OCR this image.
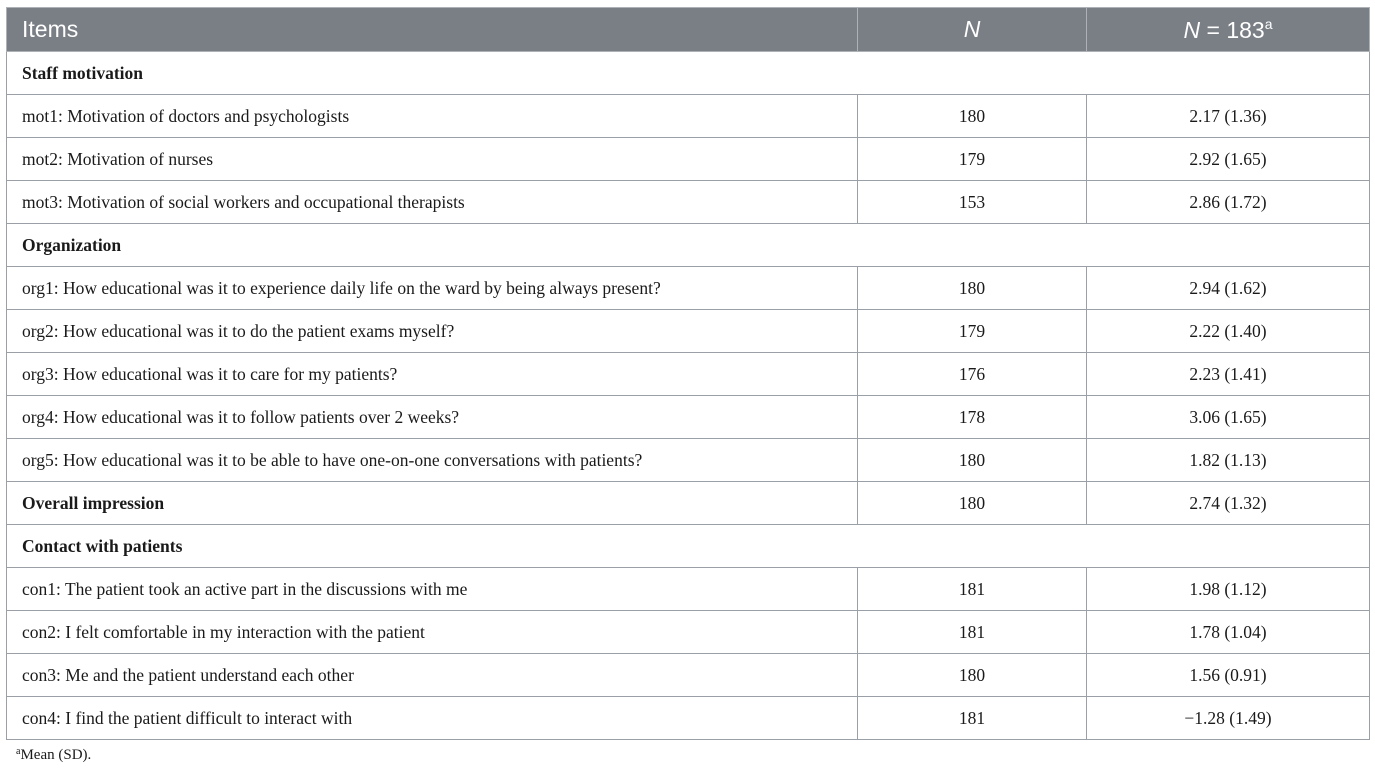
Items	N	$N = 183^a$
Staff motivation		
mot1: Motivation of doctors and psychologists	180	2.17 (1.36)
mot2: Motivation of nurses	179	2.92 (1.65)
mot3: Motivation of social workers and occupational therapists	153	2.86 (1.72)
Organization		
org1: How educational was it to experience daily life on the ward by being always present?	180	2.94 (1.62)
org2: How educational was it to do the patient exams myself?	179	2.22 (1.40)
org3: How educational was it to care for my patients?	176	2.23 (1.41)
org4: How educational was it to follow patients over 2 weeks?	178	3.06 (1.65)
org5: How educational was it to be able to have one-on-one conversations with patients?	180	1.82 (1.13)
Overall impression	180	2.74 (1.32)
Contact with patients		
con1: The patient took an active part in the discussions with me	181	1.98 (1.12)
con2: I felt comfortable in my interaction with the patient	181	1.78 (1.04)
con3: Me and the patient understand each other	180	1.56 (0.91)
con4: I find the patient difficult to interact with	181	−1.28 (1.49)
$^a$Mean (SD).
